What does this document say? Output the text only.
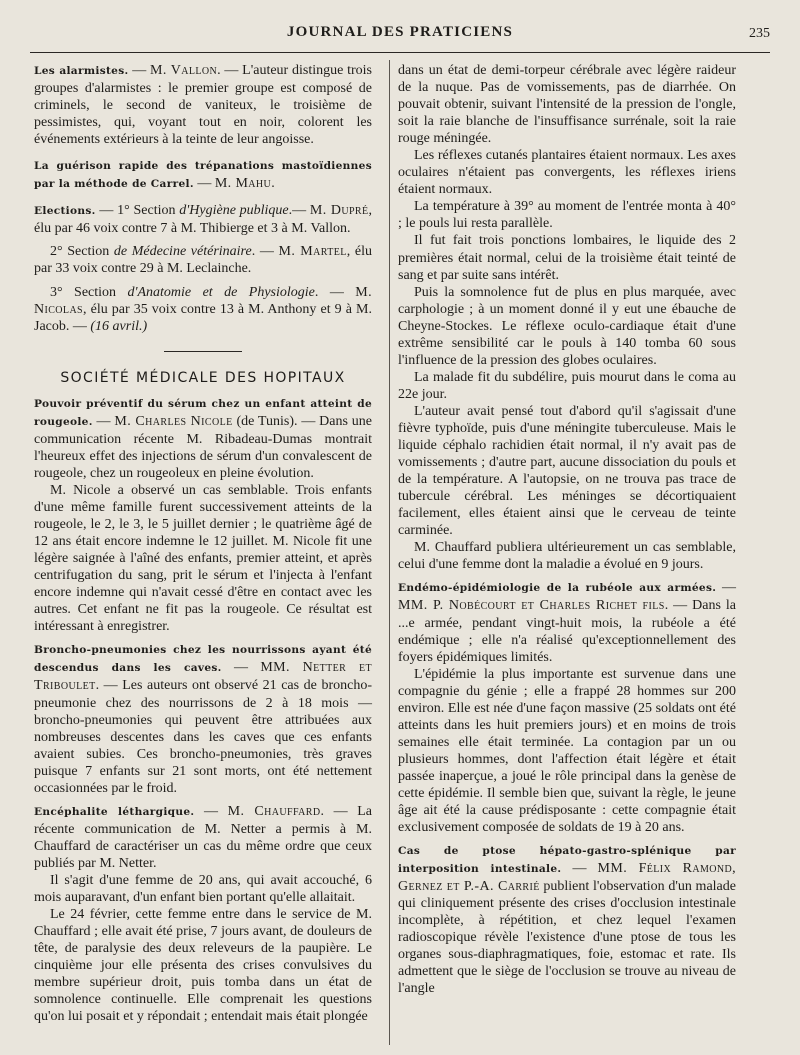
JOURNAL DES PRATICIENS	235

Les alarmistes. — M. Vallon. — L'auteur distingue trois groupes d'alarmistes : le premier groupe est composé de criminels, le second de vaniteux, le troisième de pessimistes, qui, voyant tout en noir, colorent les événements extérieurs à la teinte de leur angoisse.

La guérison rapide des trépanations mastoïdiennes par la méthode de Carrel. — M. Mahu.

Elections. — 1° Section d'Hygiène publique.— M. Dupré, élu par 46 voix contre 7 à M. Thibierge et 3 à M. Vallon.

2° Section de Médecine vétérinaire. — M. Martel, élu par 33 voix contre 29 à M. Leclainche.

3° Section d'Anatomie et de Physiologie. — M. Nicolas, élu par 35 voix contre 13 à M. Anthony et 9 à M. Jacob. — (16 avril.)

SOCIÉTÉ MÉDICALE DES HOPITAUX

Pouvoir préventif du sérum chez un enfant atteint de rougeole. — M. Charles Nicole (de Tunis). — Dans une communication récente M. Ribadeau-Dumas montrait l'heureux effet des injections de sérum d'un convalescent de rougeole, chez un rougeoleux en pleine évolution.

M. Nicole a observé un cas semblable. Trois enfants d'une même famille furent successivement atteints de la rougeole, le 2, le 3, le 5 juillet dernier ; le quatrième âgé de 12 ans était encore indemne le 12 juillet. M. Nicole fit une légère saignée à l'aîné des enfants, premier atteint, et après centrifugation du sang, prit le sérum et l'injecta à l'enfant encore indemne qui n'avait cessé d'être en contact avec les autres. Cet enfant ne fit pas la rougeole. Ce résultat est intéressant à enregistrer.

Broncho-pneumonies chez les nourrissons ayant été descendus dans les caves. — MM. Netter et Triboulet. — Les auteurs ont observé 21 cas de broncho-pneumonie chez des nourrissons de 2 à 18 mois — broncho-pneumonies qui peuvent être attribuées aux nombreuses descentes dans les caves que ces enfants avaient subies. Ces broncho-pneumonies, très graves puisque 7 enfants sur 21 sont morts, ont été nettement occasionnées par le froid.

Encéphalite léthargique. — M. Chauffard. — La récente communication de M. Netter a permis à M. Chauffard de caractériser un cas du même ordre que ceux publiés par M. Netter.

Il s'agit d'une femme de 20 ans, qui avait accouché, 6 mois auparavant, d'un enfant bien portant qu'elle allaitait.

Le 24 février, cette femme entre dans le service de M. Chauffard ; elle avait été prise, 7 jours avant, de douleurs de tête, de paralysie des deux releveurs de la paupière. Le cinquième jour elle présenta des crises convulsives du membre supérieur droit, puis tomba dans un état de somnolence continuelle. Elle comprenait les questions qu'on lui posait et y répondait ; entendait mais était plongée

dans un état de demi-torpeur cérébrale avec légère raideur de la nuque. Pas de vomissements, pas de diarrhée. On pouvait obtenir, suivant l'intensité de la pression de l'ongle, soit la raie blanche de l'insuffisance surrénale, soit la raie rouge méningée.

Les réflexes cutanés plantaires étaient normaux. Les axes oculaires n'étaient pas convergents, les réflexes iriens étaient normaux.

La température à 39° au moment de l'entrée monta à 40° ; le pouls lui resta parallèle.

Il fut fait trois ponctions lombaires, le liquide des 2 premières était normal, celui de la troisième était teinté de sang et par suite sans intérêt.

Puis la somnolence fut de plus en plus marquée, avec carphologie ; à un moment donné il y eut une ébauche de Cheyne-Stockes. Le réflexe oculo-cardiaque était d'une extrême sensibilité car le pouls à 140 tomba 60 sous l'influence de la pression des globes oculaires.

La malade fit du subdélire, puis mourut dans le coma au 22e jour.

L'auteur avait pensé tout d'abord qu'il s'agissait d'une fièvre typhoïde, puis d'une méningite tuberculeuse. Mais le liquide céphalo rachidien était normal, il n'y avait pas de vomissements ; d'autre part, aucune dissociation du pouls et de la température. A l'autopsie, on ne trouva pas trace de tubercule cérébral. Les méninges se décortiquaient facilement, elles étaient ainsi que le cerveau de teinte carminée.

M. Chauffard publiera ultérieurement un cas semblable, celui d'une femme dont la maladie a évolué en 9 jours.

Endémo-épidémiologie de la rubéole aux armées. — MM. P. Nobécourt et Charles Richet fils. — Dans la ...e armée, pendant vingt-huit mois, la rubéole a été endémique ; elle n'a réalisé qu'exceptionnellement des foyers épidémiques limités.

L'épidémie la plus importante est survenue dans une compagnie du génie ; elle a frappé 28 hommes sur 200 environ. Elle est née d'une façon massive (25 soldats ont été atteints dans les huit premiers jours) et en moins de trois semaines elle était terminée. La contagion par un ou plusieurs hommes, dont l'affection était légère et était passée inaperçue, a joué le rôle principal dans la genèse de cette épidémie. Il semble bien que, suivant la règle, le jeune âge ait été la cause prédisposante : cette compagnie était exclusivement composée de soldats de 19 à 20 ans.

Cas de ptose hépato-gastro-splénique par interposition intestinale. — MM. Félix Ramond, Gernez et P.-A. Carrié publient l'observation d'un malade qui cliniquement présente des crises d'occlusion intestinale incomplète, à répétition, et chez lequel l'examen radioscopique révèle l'existence d'une ptose de tous les organes sous-diaphragmatiques, foie, estomac et rate. Ils admettent que le siège de l'occlusion se trouve au niveau de l'angle
